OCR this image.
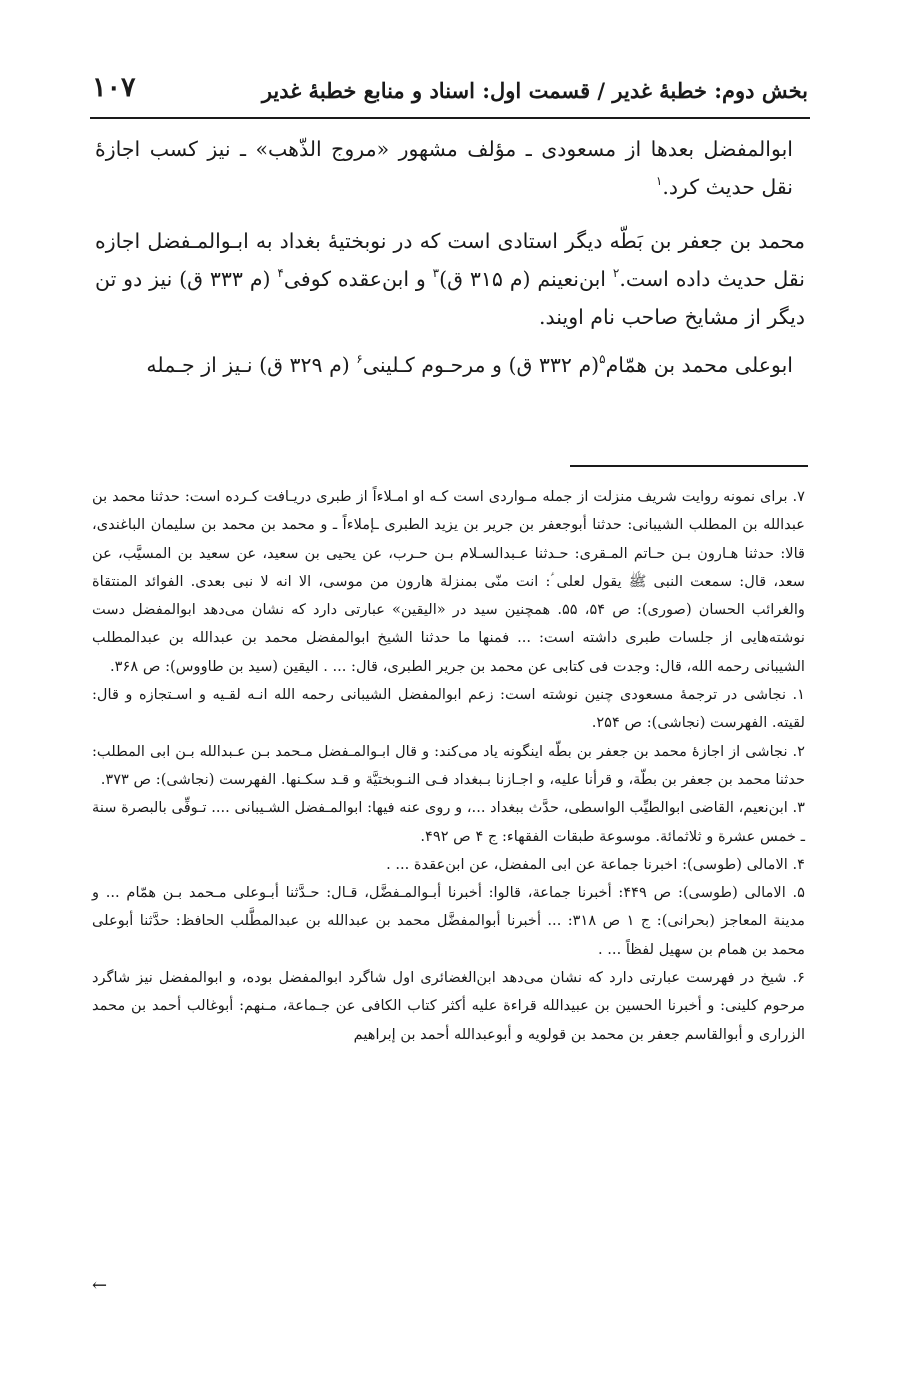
بخش دوم: خطبهٔ غدیر / قسمت اول: اسناد و منابع خطبهٔ غدیر
۱۰۷

ابوالمفضل بعدها از مسعودی ـ مؤلف مشهور «مروج الذّهب» ـ نیز کسب اجازهٔ نقل حدیث کرد.$^۱$

محمد بن جعفر بن بَطّه دیگر استادی است که در نوبختیهٔ بغداد به ابـوالمـفضل اجازه نقل حدیث داده است.$^۲$ ابن‌نعینم (م ۳۱۵ ق)$^۳$ و ابن‌عقده کوفی$^۴$ (م ۳۳۳ ق) نیز دو تن دیگر از مشایخ صاحب نام اویند.

ابوعلی محمد بن همّام$^۵$(م ۳۳۲ ق) و مرحـوم کـلینی$^۶$ (م ۳۲۹ ق) نـیز از جـمله

۷. برای نمونه روایت شریف منزلت از جمله مـواردی است کـه او امـلاءاً از طبری دریـافت کـرده است: حدثنا محمد بن عبدالله بن المطلب الشیبانی: حدثنا أبوجعفر بن جریر بن یزید الطبری ـإملاءاً ـ و محمد بن محمد بن سلیمان الباغندی، قالا: حدثنا هـارون بـن حـاتم المـقری: حـدثنا عـبدالسـلام بـن حـرب، عن یحیی بن سعید، عن سعید بن المسیَّب، عن سعد، قال: سمعت النبی ﷺ یقول لعلی ؑ: انت منّی بمنزلة هارون من موسی، الا انه لا نبی بعدی. الفوائد المنتقاة والغرائب الحسان (صوری): ص ۵۴، ۵۵. همچنین سید در «الیقین» عبارتی دارد که نشان می‌دهد ابوالمفضل دست نوشته‌هایی از جلسات طبری داشته است: ... فمنها ما حدثنا الشیخ ابوالمفضل محمد بن عبدالله بن عبدالمطلب الشیبانی رحمه الله، قال: وجدت فی کتابی عن محمد بن جریر الطبری، قال: ... . الیقین (سید بن طاووس): ص ۳۶۸.

۱. نجاشی در ترجمهٔ مسعودی چنین نوشته است: زعم ابوالمفضل الشیبانی رحمه الله انـه لقـیه و اسـتجازه و قال: لقیته. الفهرست (نجاشی): ص ۲۵۴.

۲. نجاشی از اجازهٔ محمد بن جعفر بن بطّه اینگونه یاد می‌کند: و قال ابـوالمـفضل مـحمد بـن عـبدالله بـن ابی المطلب: حدثنا محمد بن جعفر بن بطّة، و قرأنا علیه، و اجـازنا بـبغداد فـی النـوبختیَّة و قـد سکـنها. الفهرست (نجاشی): ص ۳۷۳.

۳. ابن‌نعیم، القاضی ابوالطیِّب الواسطی، حدَّث ببغداد ...، و روی عنه فیها: ابوالمـفضل الشـیبانی .... تـوفِّی بالبصرة سنة ـ خمس عشرة و ثلاثمائة. موسوعة طبقات الفقهاء: ج ۴ ص ۴۹۲.

۴. الامالی (طوسی): اخبرنا جماعة عن ابی المفضل، عن ابن‌عقدة ... .

۵. الامالی (طوسی): ص ۴۴۹: أخبرنا جماعة، قالوا: أخبرنا أبـوالمـفضَّل، قـال: حـدَّثنا أبـوعلی مـحمد بـن همّام ... و مدینة المعاجز (بحرانی): ج ۱ ص ۳۱۸: ... أخبرنا أبوالمفضَّل محمد بن عبدالله بن عبدالمطَّلب الحافظ: حدَّثنا أبوعلی محمد بن همام بن سهیل لفظاً ... .

۶. شیخ در فهرست عبارتی دارد که نشان می‌دهد ابن‌الغضائری اول شاگرد ابوالمفضل بوده، و ابوالمفضل نیز شاگرد مرحوم کلینی: و أخبرنا الحسین بن عبیدالله قراءة علیه أکثر کتاب الکافی عن جـماعة، مـنهم: أبوغالب أحمد بن محمد الزراری و أبوالقاسم جعفر بن محمد بن قولویه و أبوعبدالله أحمد بن إبراهیم

←
